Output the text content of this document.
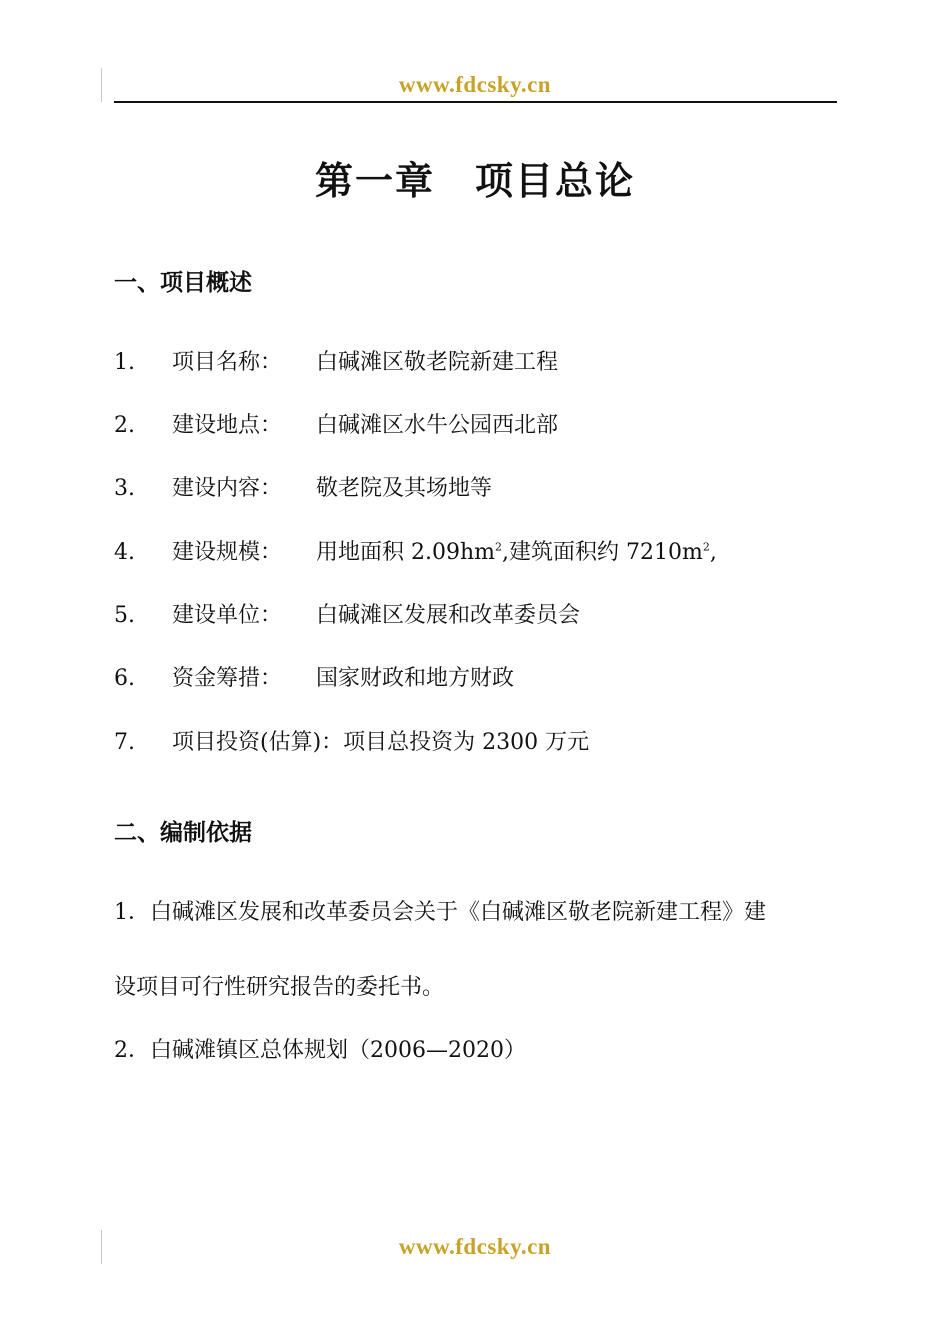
www.fdcsky.cn
第一章　项目总论
一、项目概述
1. 项目名称： 白碱滩区敬老院新建工程
2. 建设地点： 白碱滩区水牛公园西北部
3. 建设内容： 敬老院及其场地等
4. 建设规模： 用地面积 $2.09hm^2$,建筑面积约 $7210m^2$,
5. 建设单位： 白碱滩区发展和改革委员会
6. 资金筹措： 国家财政和地方财政
7. 项目投资(估算)：项目总投资为 2300 万元
二、编制依据
1．白碱滩区发展和改革委员会关于《白碱滩区敬老院新建工程》建
设项目可行性研究报告的委托书。
2．白碱滩镇区总体规划（2006—2020）
www.fdcsky.cn
